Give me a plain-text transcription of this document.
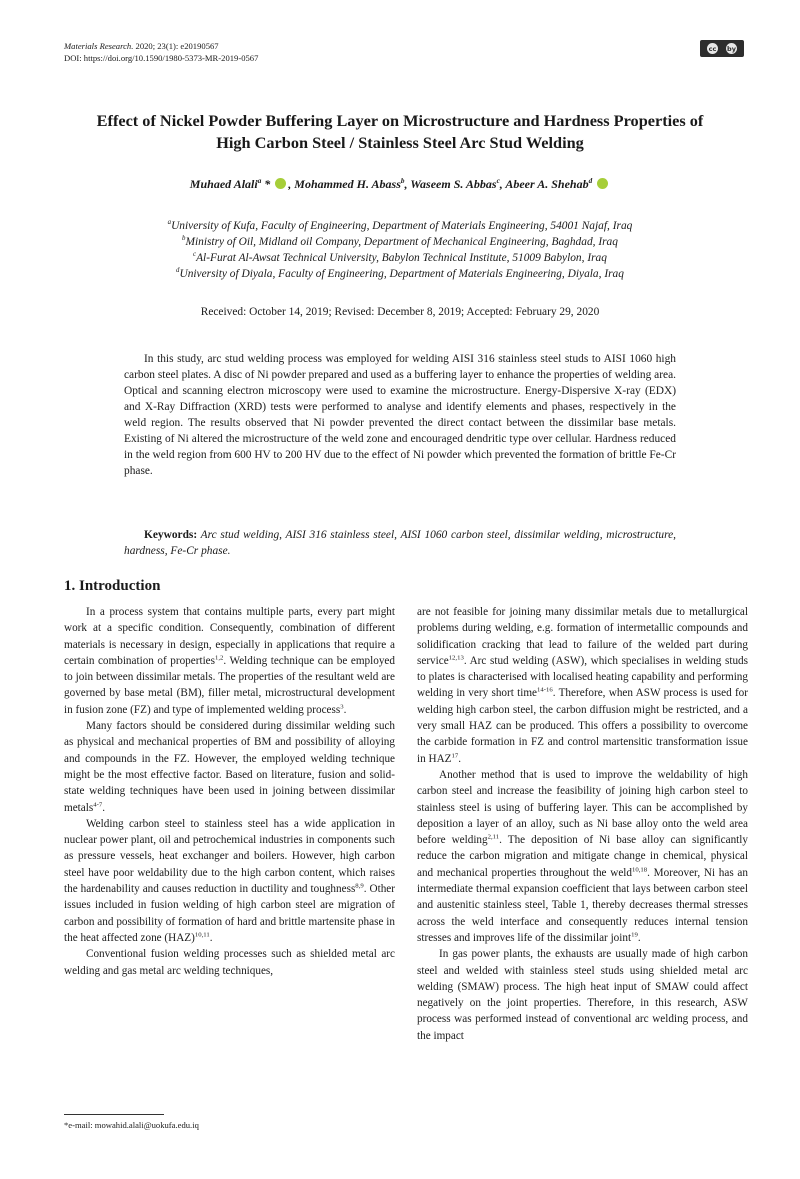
Materials Research. 2020; 23(1): e20190567
DOI: https://doi.org/10.1590/1980-5373-MR-2019-0567
cc by
Effect of Nickel Powder Buffering Layer on Microstructure and Hardness Properties of
High Carbon Steel / Stainless Steel Arc Stud Welding
Muhaed Alali$^a$ * , Mohammed H. Abass$^b$, Waseem S. Abbas$^c$, Abeer A. Shehab$^d$
$^a$University of Kufa, Faculty of Engineering, Department of Materials Engineering, 54001 Najaf, Iraq
$^b$Ministry of Oil, Midland oil Company, Department of Mechanical Engineering, Baghdad, Iraq
$^c$Al-Furat Al-Awsat Technical University, Babylon Technical Institute, 51009 Babylon, Iraq
$^d$University of Diyala, Faculty of Engineering, Department of Materials Engineering, Diyala, Iraq
Received: October 14, 2019; Revised: December 8, 2019; Accepted: February 29, 2020

In this study, arc stud welding process was employed for welding AISI 316 stainless steel studs to AISI 1060 high carbon steel plates. A disc of Ni powder prepared and used as a buffering layer to enhance the properties of welding area. Optical and scanning electron microscopy were used to examine the microstructure. Energy-Dispersive X-ray (EDX) and X-Ray Diffraction (XRD) tests were performed to analyse and identify elements and phases, respectively in the weld region. The results observed that Ni powder prevented the direct contact between the dissimilar base metals. Existing of Ni altered the microstructure of the weld zone and encouraged dendritic type over cellular. Hardness reduced in the weld region from 600 HV to 200 HV due to the effect of Ni powder which prevented the formation of brittle Fe-Cr phase.

Keywords: Arc stud welding, AISI 316 stainless steel, AISI 1060 carbon steel, dissimilar welding, microstructure, hardness, Fe-Cr phase.

1. Introduction

In a process system that contains multiple parts, every part might work at a specific condition. Consequently, combination of different materials is necessary in design, especially in applications that require a certain combination of properties$^{1,2}$. Welding technique can be employed to join between dissimilar metals. The properties of the resultant weld are governed by base metal (BM), filler metal, microstructural development in fusion zone (FZ) and type of implemented welding process$^3$.

Many factors should be considered during dissimilar welding such as physical and mechanical properties of BM and possibility of alloying and compounds in the FZ. However, the employed welding technique might be the most effective factor. Based on literature, fusion and solid-state welding techniques have been used in joining between dissimilar metals$^{4-7}$.

Welding carbon steel to stainless steel has a wide application in nuclear power plant, oil and petrochemical industries in components such as pressure vessels, heat exchanger and boilers. However, high carbon steel have poor weldability due to the high carbon content, which raises the hardenability and causes reduction in ductility and toughness$^{8,9}$. Other issues included in fusion welding of high carbon steel are migration of carbon and possibility of formation of hard and brittle martensite phase in the heat affected zone (HAZ)$^{10,11}$.

Conventional fusion welding processes such as shielded metal arc welding and gas metal arc welding techniques,

are not feasible for joining many dissimilar metals due to metallurgical problems during welding, e.g. formation of intermetallic compounds and solidification cracking that lead to failure of the welded part during service$^{12,13}$. Arc stud welding (ASW), which specialises in welding studs to plates is characterised with localised heating capability and performing welding in very short time$^{14-16}$. Therefore, when ASW process is used for welding high carbon steel, the carbon diffusion might be restricted, and a very small HAZ can be produced. This offers a possibility to overcome the carbide formation in FZ and control martensitic transformation issue in HAZ$^{17}$.

Another method that is used to improve the weldability of high carbon steel and increase the feasibility of joining high carbon steel to stainless steel is using of buffering layer. This can be accomplished by deposition a layer of an alloy, such as Ni base alloy onto the weld area before welding$^{2,11}$. The deposition of Ni base alloy can significantly reduce the carbon migration and mitigate change in chemical, physical and mechanical properties throughout the weld$^{10,18}$. Moreover, Ni has an intermediate thermal expansion coefficient that lays between carbon steel and austenitic stainless steel, Table 1, thereby decreases thermal stresses across the weld interface and consequently reduces internal tension stresses and improves life of the dissimilar joint$^{19}$.

In gas power plants, the exhausts are usually made of high carbon steel and welded with stainless steel studs using shielded metal arc welding (SMAW) process. The high heat input of SMAW could affect negatively on the joint properties. Therefore, in this research, ASW process was performed instead of conventional arc welding process, and the impact

*e-mail: mowahid.alali@uokufa.edu.iq
